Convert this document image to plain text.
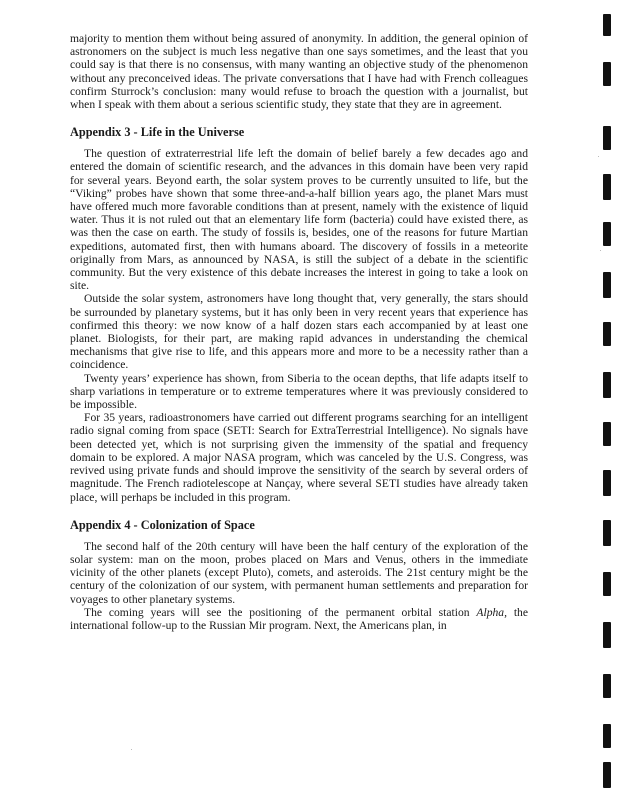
majority to mention them without being assured of anonymity. In addition, the general opinion of astronomers on the subject is much less negative than one says sometimes, and the least that you could say is that there is no consensus, with many wanting an objective study of the phenomenon without any preconceived ideas. The private conversations that I have had with French colleagues confirm Sturrock’s conclusion: many would refuse to broach the question with a journalist, but when I speak with them about a serious scientific study, they state that they are in agreement.

Appendix 3 - Life in the Universe

The question of extraterrestrial life left the domain of belief barely a few decades ago and entered the domain of scientific research, and the advances in this domain have been very rapid for several years. Beyond earth, the solar system proves to be currently unsuited to life, but the “Viking” probes have shown that some three-and-a-half billion years ago, the planet Mars must have offered much more favorable conditions than at present, namely with the existence of liquid water. Thus it is not ruled out that an elementary life form (bacteria) could have existed there, as was then the case on earth. The study of fossils is, besides, one of the reasons for future Martian expeditions, automated first, then with humans aboard. The discovery of fossils in a meteorite originally from Mars, as announced by NASA, is still the subject of a debate in the scientific community. But the very existence of this debate increases the interest in going to take a look on site.

Outside the solar system, astronomers have long thought that, very generally, the stars should be surrounded by planetary systems, but it has only been in very recent years that experience has confirmed this theory: we now know of a half dozen stars each accompanied by at least one planet. Biologists, for their part, are making rapid advances in understanding the chemical mechanisms that give rise to life, and this appears more and more to be a necessity rather than a coincidence.

Twenty years’ experience has shown, from Siberia to the ocean depths, that life adapts itself to sharp variations in temperature or to extreme temperatures where it was previously considered to be impossible.

For 35 years, radioastronomers have carried out different programs searching for an intelligent radio signal coming from space (SETI: Search for ExtraTerrestrial Intelligence). No signals have been detected yet, which is not surprising given the immensity of the spatial and frequency domain to be explored. A major NASA program, which was canceled by the U.S. Congress, was revived using private funds and should improve the sensitivity of the search by several orders of magnitude. The French radiotelescope at Nançay, where several SETI studies have already taken place, will perhaps be included in this program.

Appendix 4 - Colonization of Space

The second half of the 20th century will have been the half century of the exploration of the solar system: man on the moon, probes placed on Mars and Venus, others in the immediate vicinity of the other planets (except Pluto), comets, and asteroids. The 21st century might be the century of the colonization of our system, with permanent human settlements and preparation for voyages to other planetary systems.

The coming years will see the positioning of the permanent orbital station Alpha, the international follow-up to the Russian Mir program. Next, the Americans plan, in
